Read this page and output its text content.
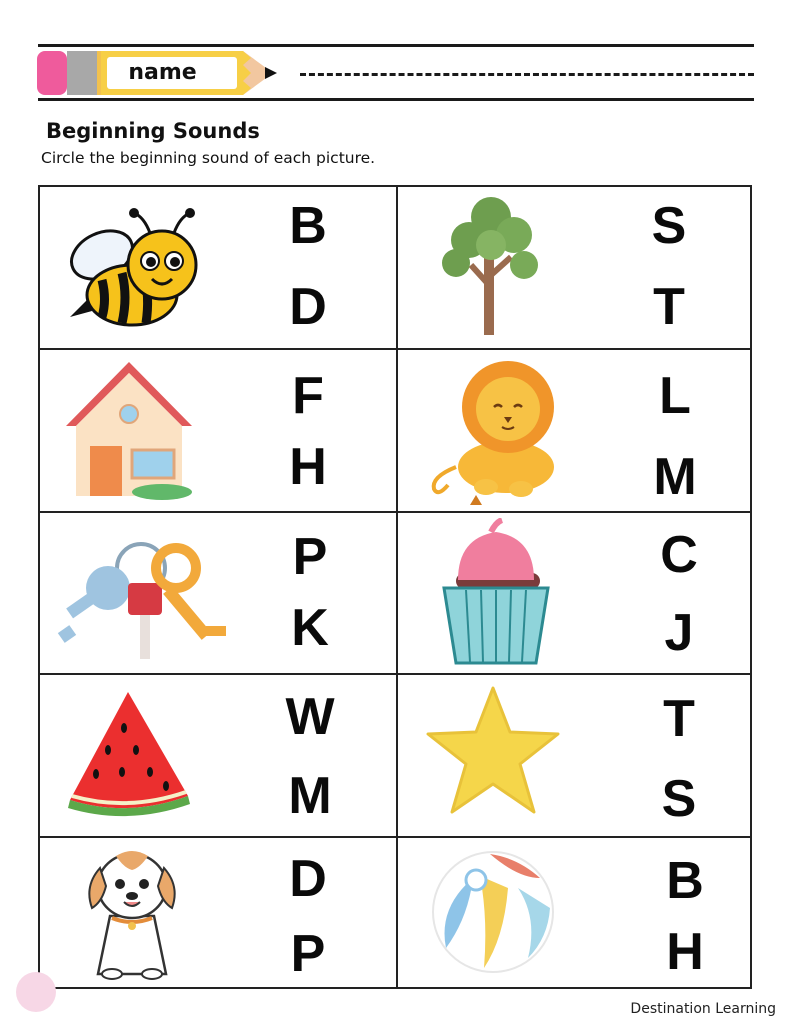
name
Beginning Sounds
Circle the beginning sound of each picture.
B
D
S
T
F
H
L
M
P
K
C
J
W
M
T
S
D
P
B
H
Destination Learning
